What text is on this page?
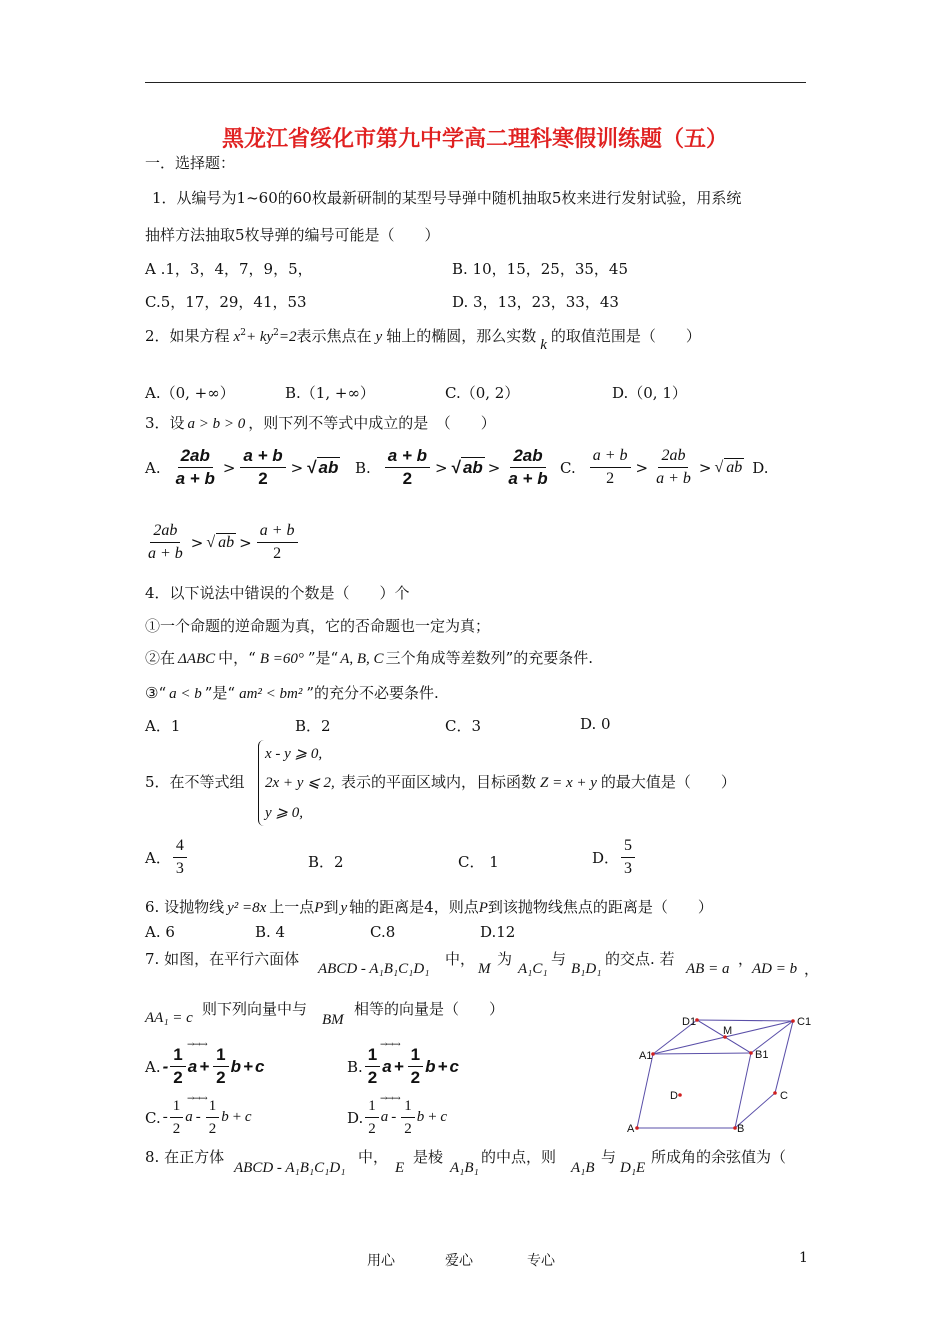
黑龙江省绥化市第九中学高二理科寒假训练题（五）
一．选择题：
1．从编号为1~60的60枚最新研制的某型号导弹中随机抽取5枚来进行发射试验，用系统
抽样方法抽取5枚导弹的编号可能是（　　）
A .1，3，4，7，9，5，	B. 10，15，25，35，45
C.5，17，29，41，53	D. 3，13，23，33，43
2．如果方程 $x^2+ ky^2=2$表示焦点在 y 轴上的椭圆，那么实数 k 的取值范围是（　　）
A.（0, +∞）	B.（1, +∞）	C.（0, 2）	D.（0, 1）
3．设 a > b > 0 ，则下列不等式中成立的是　（　　）
A. $\frac{2ab}{a + b} > \frac{a + b}{2}$ > √ ab B. $\frac{a + b}{2}$ > √ ab > $\frac{2ab}{a + b} C$. $\frac{a + b}{2} > \frac{2ab}{a + b}$ > √ ab D.
$\frac{2ab}{a + b}$ > √ ab > $\frac{a + b}{2}$
4．以下说法中错误的个数是（　　）个
①一个命题的逆命题为真，它的否命题也一定为真；
②在 ΔABC 中，“ B =60° ”是“ A, B, C 三个角成等差数列”的充要条件.
③“ a < b ”是“ am² < bm² ”的充分不必要条件.
A．1	B．2	C．3	D. 0
5．在不等式组
x - y ⩾ 0,
2x + y ⩽ 2,
y ⩾ 0,
表示的平面区域内，目标函数 Z = x + y 的最大值是（　　）
A． $\frac{4}{3}$	B．2	C． 1	D． $\frac{5}{3}$
6. 设抛物线 y² =8x 上一点P到 y 轴的距离是4，则点P到该抛物线焦点的距离是（　　）
A. 6	B. 4	C.8	D.12
7. 如图，在平行六面体
ABCD - A₁B₁C₁D₁
中，
M
为
A₁C₁
与
B₁D₁
的交点. 若
AB = a
，
AD = b ，
AA₁ = c 则下列向量中与
BM
相等的向量是（　　）
A. - $\frac{1}{2}$ $a + \frac{1}{2}$ b + c
→→→
B. $\frac{1}{2}$ $a + \frac{1}{2}$ b + c
→→→
C. - $\frac{1}{2}$ a - $\frac{1}{2}$ b + c
→→→
D. $\frac{1}{2}$ a - $\frac{1}{2}$ b + c
→→→
A	B
C
D
A1	B1
C1
D1
M
8. 在正方体
ABCD - A₁B₁C₁D₁
中，
E
是棱
A₁B₁
的中点，则
A₁B
与
D₁E
所成角的余弦值为（
用心	爱心	专心	1
